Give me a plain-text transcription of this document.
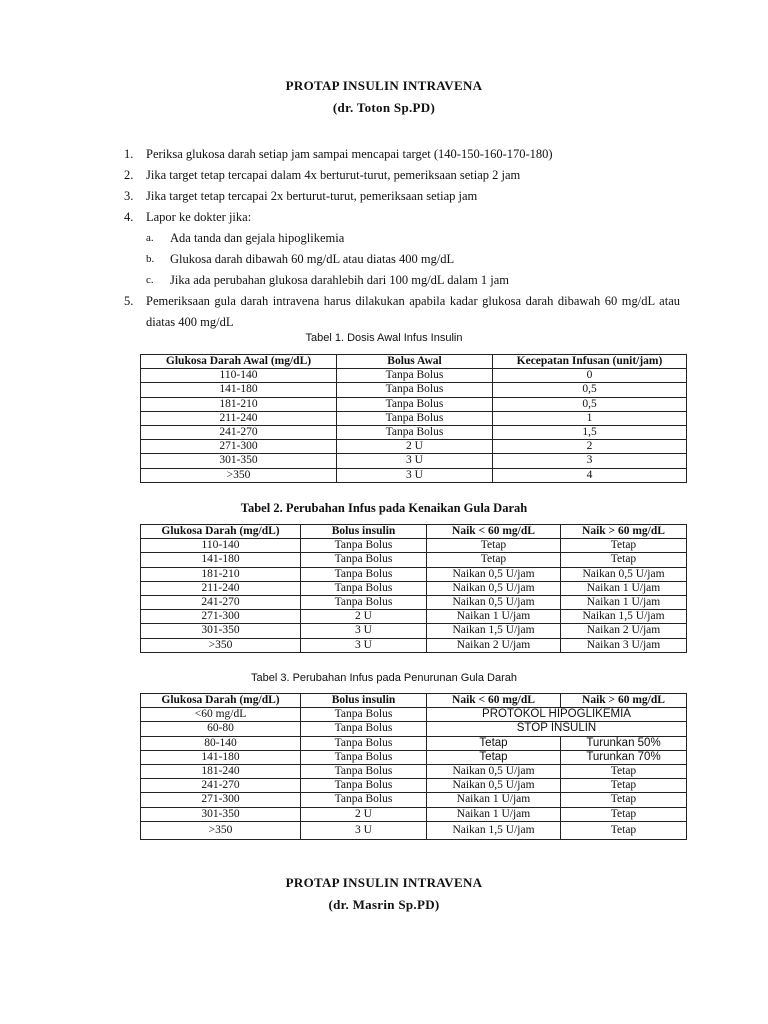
PROTAP INSULIN INTRAVENA
(dr. Toton Sp.PD)
1. Periksa glukosa darah setiap jam sampai mencapai target (140-150-160-170-180)
2. Jika target tetap tercapai dalam 4x berturut-turut, pemeriksaan setiap 2 jam
3. Jika target tetap tercapai 2x berturut-turut, pemeriksaan setiap jam
4. Lapor ke dokter jika:
a. Ada tanda dan gejala hipoglikemia
b. Glukosa darah dibawah 60 mg/dL atau diatas 400 mg/dL
c. Jika ada perubahan glukosa darahlebih dari 100 mg/dL dalam 1 jam
5. Pemeriksaan gula darah intravena harus dilakukan apabila kadar glukosa darah dibawah 60 mg/dL atau diatas 400 mg/dL
Tabel 1. Dosis Awal Infus Insulin
Glukosa Darah Awal (mg/dL)	Bolus Awal	Kecepatan Infusan (unit/jam)
110-140	Tanpa Bolus	0
141-180	Tanpa Bolus	0,5
181-210	Tanpa Bolus	0,5
211-240	Tanpa Bolus	1
241-270	Tanpa Bolus	1,5
271-300	2 U	2
301-350	3 U	3
>350	3 U	4
Tabel 2. Perubahan Infus pada Kenaikan Gula Darah
Glukosa Darah (mg/dL)	Bolus insulin	Naik < 60 mg/dL	Naik > 60 mg/dL
110-140	Tanpa Bolus	Tetap	Tetap
141-180	Tanpa Bolus	Tetap	Tetap
181-210	Tanpa Bolus	Naikan 0,5 U/jam	Naikan 0,5 U/jam
211-240	Tanpa Bolus	Naikan 0,5 U/jam	Naikan 1 U/jam
241-270	Tanpa Bolus	Naikan 0,5 U/jam	Naikan 1 U/jam
271-300	2 U	Naikan 1 U/jam	Naikan 1,5 U/jam
301-350	3 U	Naikan 1,5 U/jam	Naikan 2 U/jam
>350	3 U	Naikan 2 U/jam	Naikan 3 U/jam
Tabel 3. Perubahan Infus pada Penurunan Gula Darah
Glukosa Darah (mg/dL)	Bolus insulin	Naik < 60 mg/dL	Naik > 60 mg/dL
<60 mg/dL	Tanpa Bolus	PROTOKOL HIPOGLIKEMIA	
60-80	Tanpa Bolus	STOP INSULIN	
80-140	Tanpa Bolus	Tetap	Turunkan 50%
141-180	Tanpa Bolus	Tetap	Turunkan 70%
181-240	Tanpa Bolus	Naikan 0,5 U/jam	Tetap
241-270	Tanpa Bolus	Naikan 0,5 U/jam	Tetap
271-300	Tanpa Bolus	Naikan 1 U/jam	Tetap
301-350	2 U	Naikan 1 U/jam	Tetap
>350	3 U	Naikan 1,5 U/jam	Tetap
PROTAP INSULIN INTRAVENA
(dr. Masrin Sp.PD)
